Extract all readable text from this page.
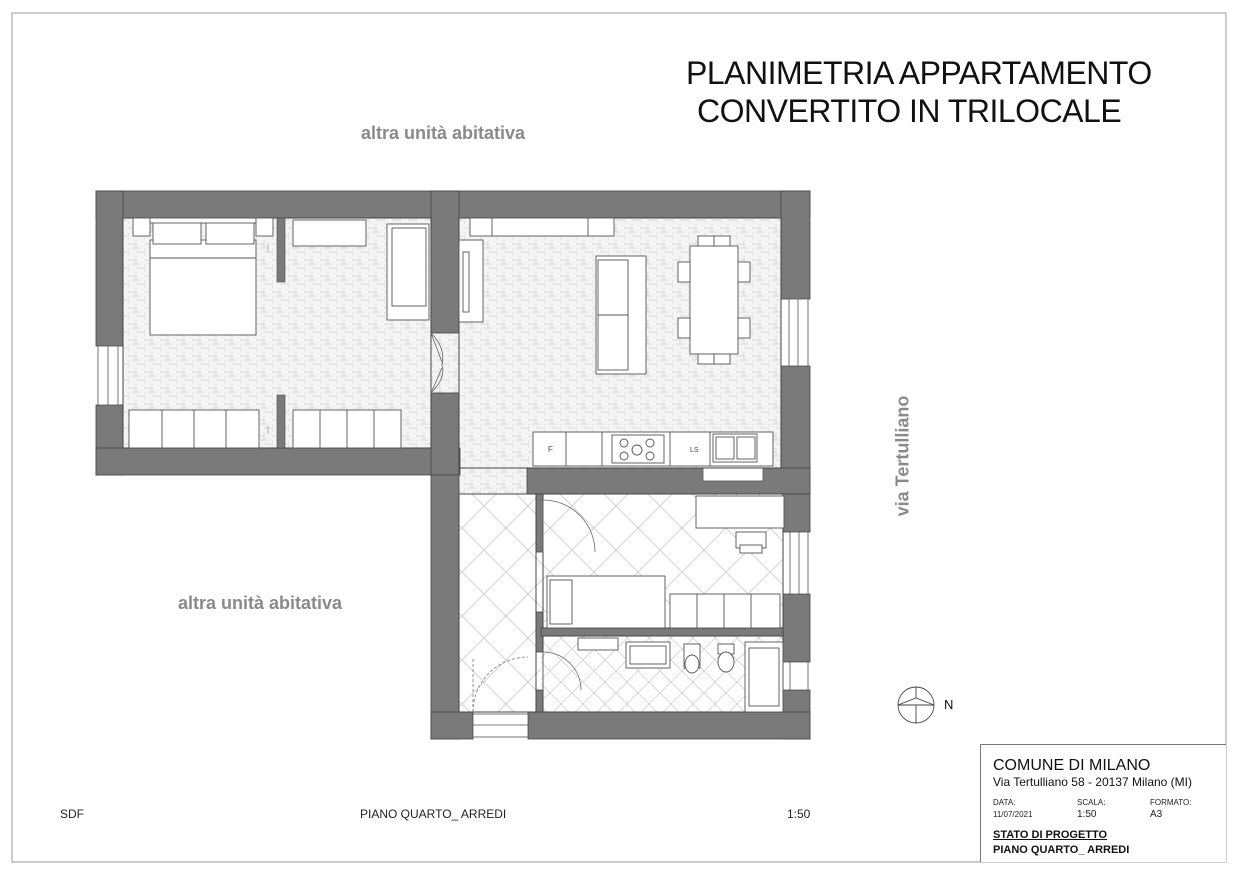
F	LS
PLANIMETRIA APPARTAMENTO
CONVERTITO IN TRILOCALE
altra unità abitativa
altra unità abitativa
via Tertulliano
N
SDF	PIANO QUARTO_ ARREDI	1:50
COMUNE DI MILANO
Via Tertulliano 58 - 20137 Milano (MI)
DATA:
11/07/2021
SCALA:
1:50
FORMATO:
A3
STATO DI PROGETTO
PIANO QUARTO_ ARREDI
